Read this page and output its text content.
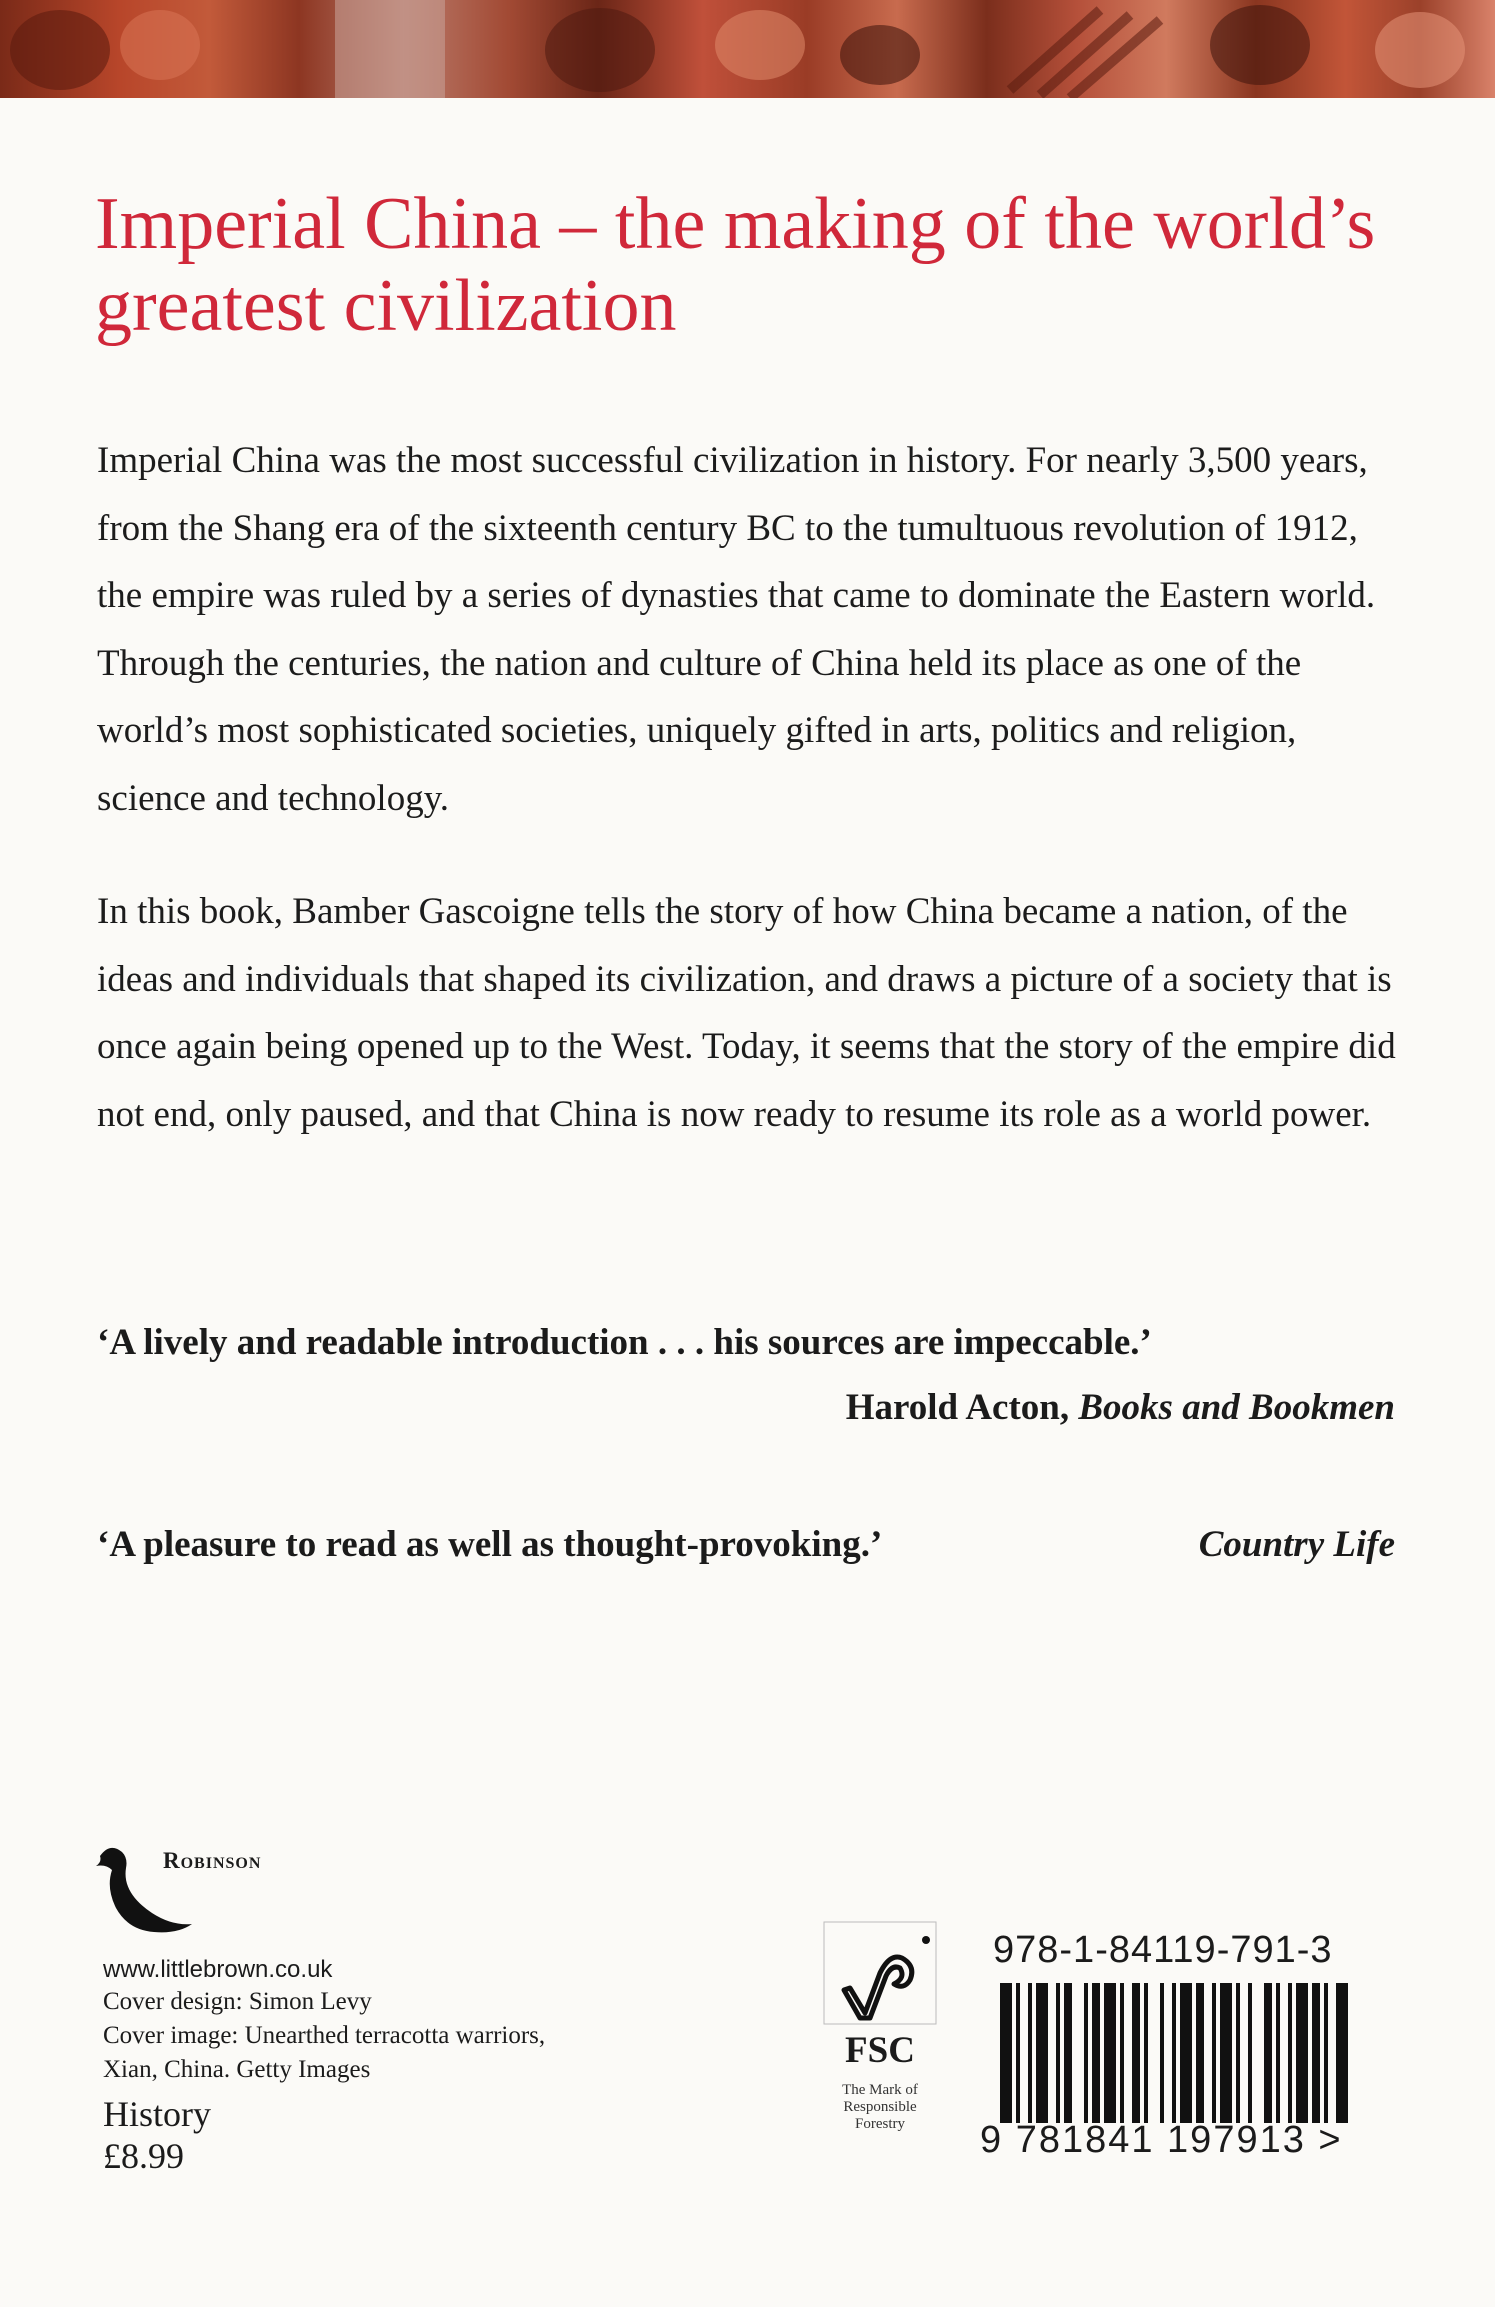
Imperial China – the making of the world’s greatest civilization

Imperial China was the most successful civilization in history. For nearly 3,500 years, from the Shang era of the sixteenth century BC to the tumultuous revolution of 1912, the empire was ruled by a series of dynasties that came to dominate the Eastern world. Through the centuries, the nation and culture of China held its place as one of the world’s most sophisticated societies, uniquely gifted in arts, politics and religion, science and technology.

In this book, Bamber Gascoigne tells the story of how China became a nation, of the ideas and individuals that shaped its civilization, and draws a picture of a society that is once again being opened up to the West. Today, it seems that the story of the empire did not end, only paused, and that China is now ready to resume its role as a world power.

‘A lively and readable introduction . . . his sources are impeccable.’
Harold Acton, Books and Bookmen
‘A pleasure to read as well as thought-provoking.’	Country Life
Robinson
www.littlebrown.co.uk
Cover design: Simon Levy
Cover image: Unearthed terracotta warriors,
Xian, China. Getty Images
History
£8.99
FSC
The Mark of
Responsible
Forestry
978-1-84119-791-3
9 781841 197913 >
